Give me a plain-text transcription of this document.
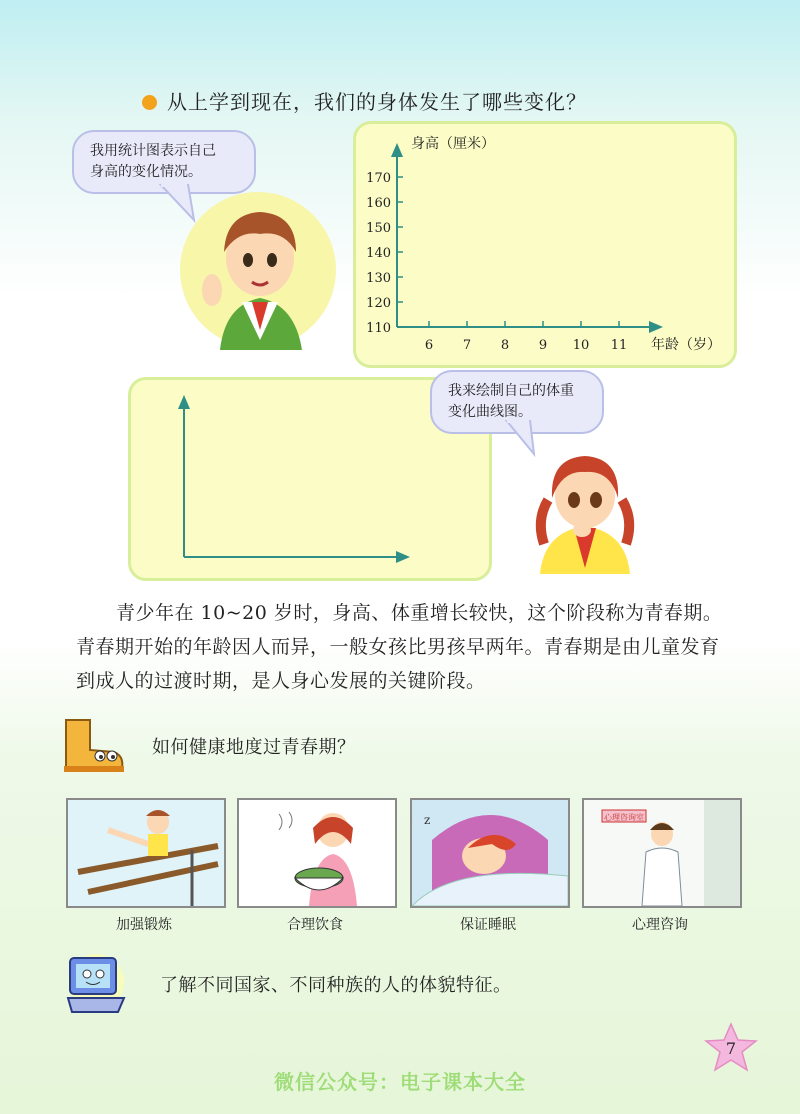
从上学到现在，我们的身体发生了哪些变化？
我用统计图表示自己
身高的变化情况。
身高（厘米）
110
120
130
140
150
160
170
6 7 8 9 10 11 年龄（岁）
我来绘制自己的体重
变化曲线图。
青少年在 10~20 岁时，身高、体重增长较快，这个阶段称为青春期。青春期开始的年龄因人而异，一般女孩比男孩早两年。青春期是由儿童发育到成人的过渡时期，是人身心发展的关键阶段。
如何健康地度过青春期？
z	心理咨询室
加强锻炼	合理饮食	保证睡眠	心理咨询
了解不同国家、不同种族的人的体貌特征。
7
微信公众号：电子课本大全
